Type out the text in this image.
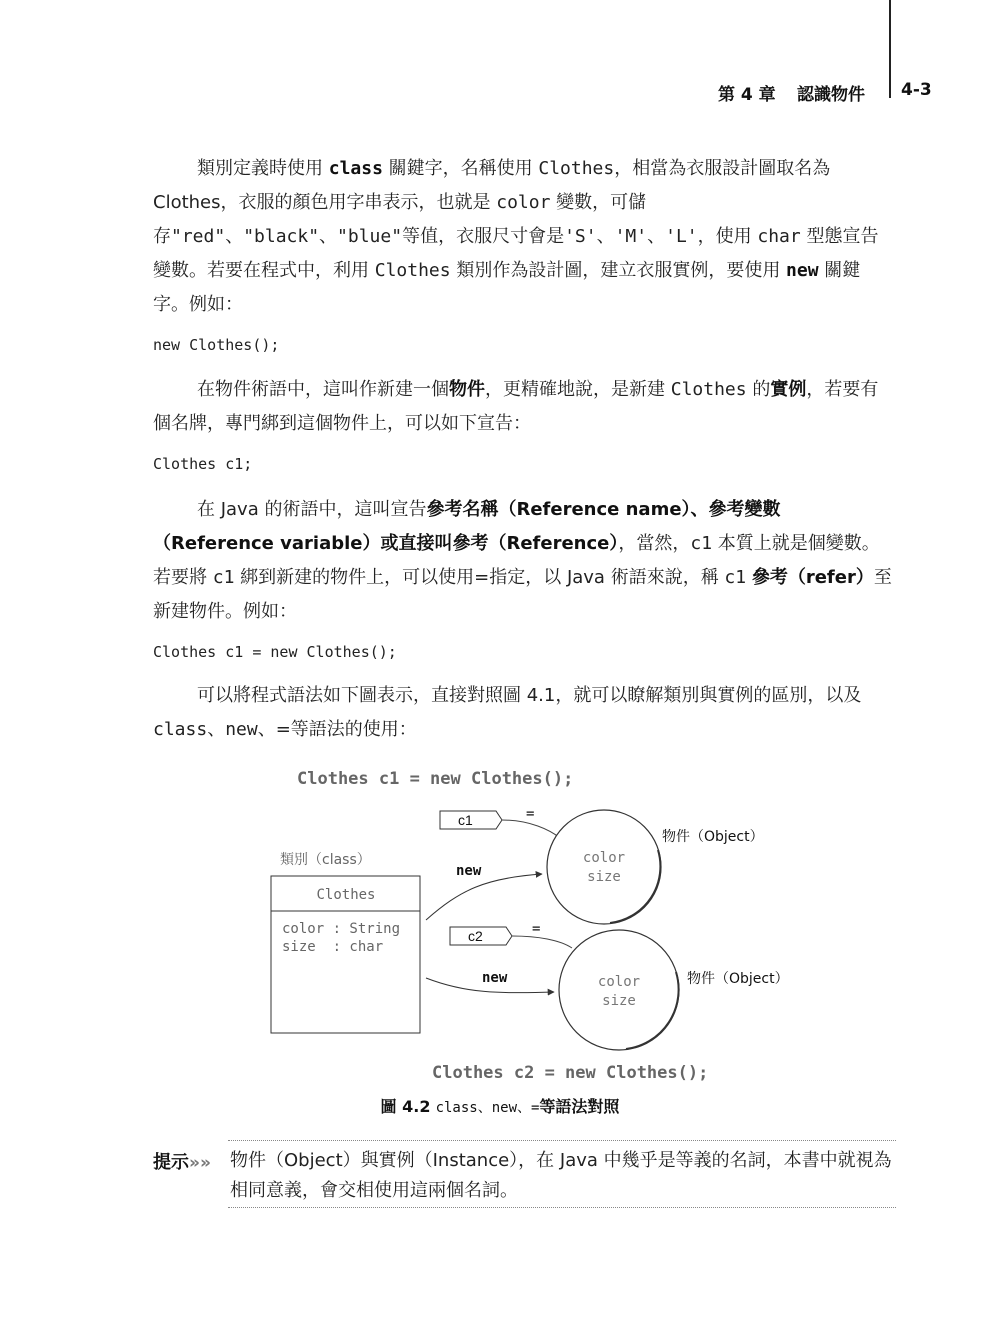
第 4 章 認識物件 4-3

類別定義時使用 class 關鍵字，名稱使用 Clothes，相當為衣服設計圖取名為 Clothes，衣服的顏色用字串表示，也就是 color 變數，可儲存"red"、"black"、"blue"等值，衣服尺寸會是'S'、'M'、'L'，使用 char 型態宣告變數。若要在程式中，利用 Clothes 類別作為設計圖，建立衣服實例，要使用 new 關鍵字。例如：

new Clothes();

在物件術語中，這叫作新建一個物件，更精確地說，是新建 Clothes 的實例，若要有個名牌，專門綁到這個物件上，可以如下宣告：

Clothes c1;

在 Java 的術語中，這叫宣告參考名稱（Reference name）、參考變數（Reference variable）或直接叫參考（Reference），當然，c1 本質上就是個變數。若要將 c1 綁到新建的物件上，可以使用=指定，以 Java 術語來說，稱 c1 參考（refer）至新建物件。例如：

Clothes c1 = new Clothes();

可以將程式語法如下圖表示，直接對照圖 4.1，就可以瞭解類別與實例的區別，以及 class、new、=等語法的使用：

Clothes c1 = new Clothes();
類別（class）
Clothes
color : String
size  : char
c1	=
color
size
物件（Object）
new
c2	=
color
size
物件（Object）
new
Clothes c2 = new Clothes();
圖 4.2 class、new、=等語法對照
提示»» 物件（Object）與實例（Instance），在 Java 中幾乎是等義的名詞，本書中就視為相同意義，會交相使用這兩個名詞。
